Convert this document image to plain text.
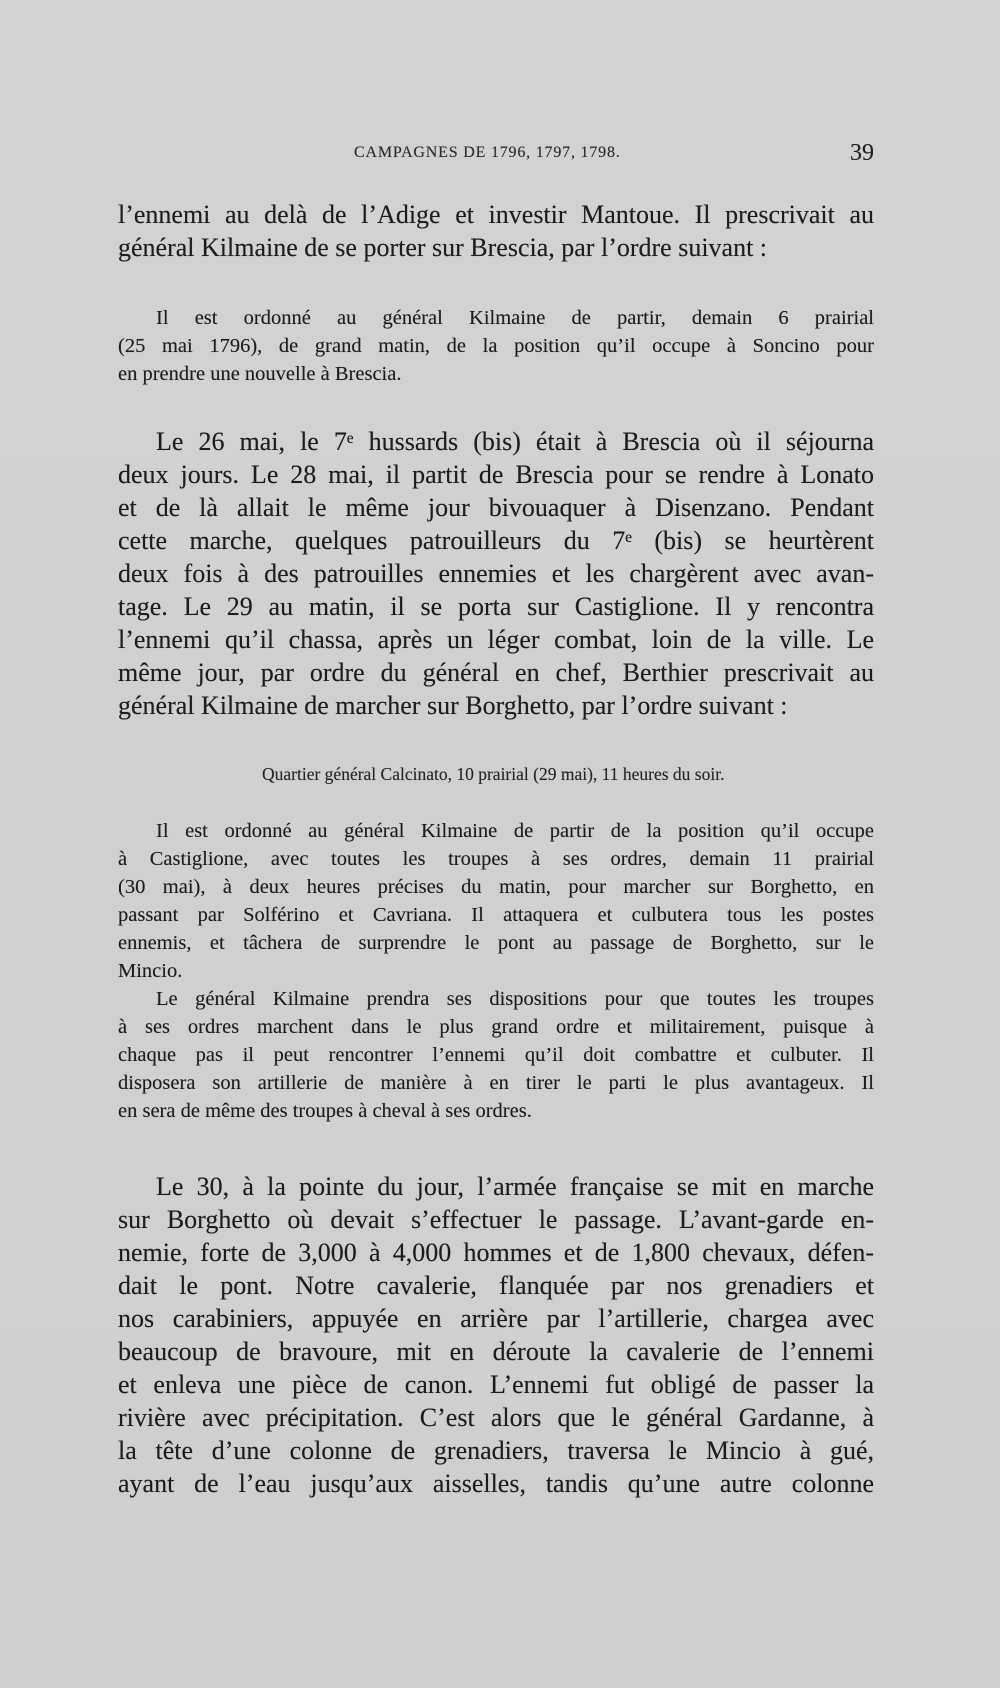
CAMPAGNES DE 1796, 1797, 1798.	39
l’ennemi au delà de l’Adige et investir Mantoue. Il prescrivait au
général Kilmaine de se porter sur Brescia, par l’ordre suivant :
Il est ordonné au général Kilmaine de partir, demain 6 prairial
(25 mai 1796), de grand matin, de la position qu’il occupe à Soncino pour
en prendre une nouvelle à Brescia.
Le 26 mai, le 7ᵉ hussards (bis) était à Brescia où il séjourna
deux jours. Le 28 mai, il partit de Brescia pour se rendre à Lonato
et de là allait le même jour bivouaquer à Disenzano. Pendant
cette marche, quelques patrouilleurs du 7ᵉ (bis) se heurtèrent
deux fois à des patrouilles ennemies et les chargèrent avec avan-
tage. Le 29 au matin, il se porta sur Castiglione. Il y rencontra
l’ennemi qu’il chassa, après un léger combat, loin de la ville. Le
même jour, par ordre du général en chef, Berthier prescrivait au
général Kilmaine de marcher sur Borghetto, par l’ordre suivant :
Quartier général Calcinato, 10 prairial (29 mai), 11 heures du soir.
Il est ordonné au général Kilmaine de partir de la position qu’il occupe
à Castiglione, avec toutes les troupes à ses ordres, demain 11 prairial
(30 mai), à deux heures précises du matin, pour marcher sur Borghetto, en
passant par Solférino et Cavriana. Il attaquera et culbutera tous les postes
ennemis, et tâchera de surprendre le pont au passage de Borghetto, sur le
Mincio.
Le général Kilmaine prendra ses dispositions pour que toutes les troupes
à ses ordres marchent dans le plus grand ordre et militairement, puisque à
chaque pas il peut rencontrer l’ennemi qu’il doit combattre et culbuter. Il
disposera son artillerie de manière à en tirer le parti le plus avantageux. Il
en sera de même des troupes à cheval à ses ordres.
Le 30, à la pointe du jour, l’armée française se mit en marche
sur Borghetto où devait s’effectuer le passage. L’avant-garde en-
nemie, forte de 3,000 à 4,000 hommes et de 1,800 chevaux, défen-
dait le pont. Notre cavalerie, flanquée par nos grenadiers et
nos carabiniers, appuyée en arrière par l’artillerie, chargea avec
beaucoup de bravoure, mit en déroute la cavalerie de l’ennemi
et enleva une pièce de canon. L’ennemi fut obligé de passer la
rivière avec précipitation. C’est alors que le général Gardanne, à
la tête d’une colonne de grenadiers, traversa le Mincio à gué,
ayant de l’eau jusqu’aux aisselles, tandis qu’une autre colonne
